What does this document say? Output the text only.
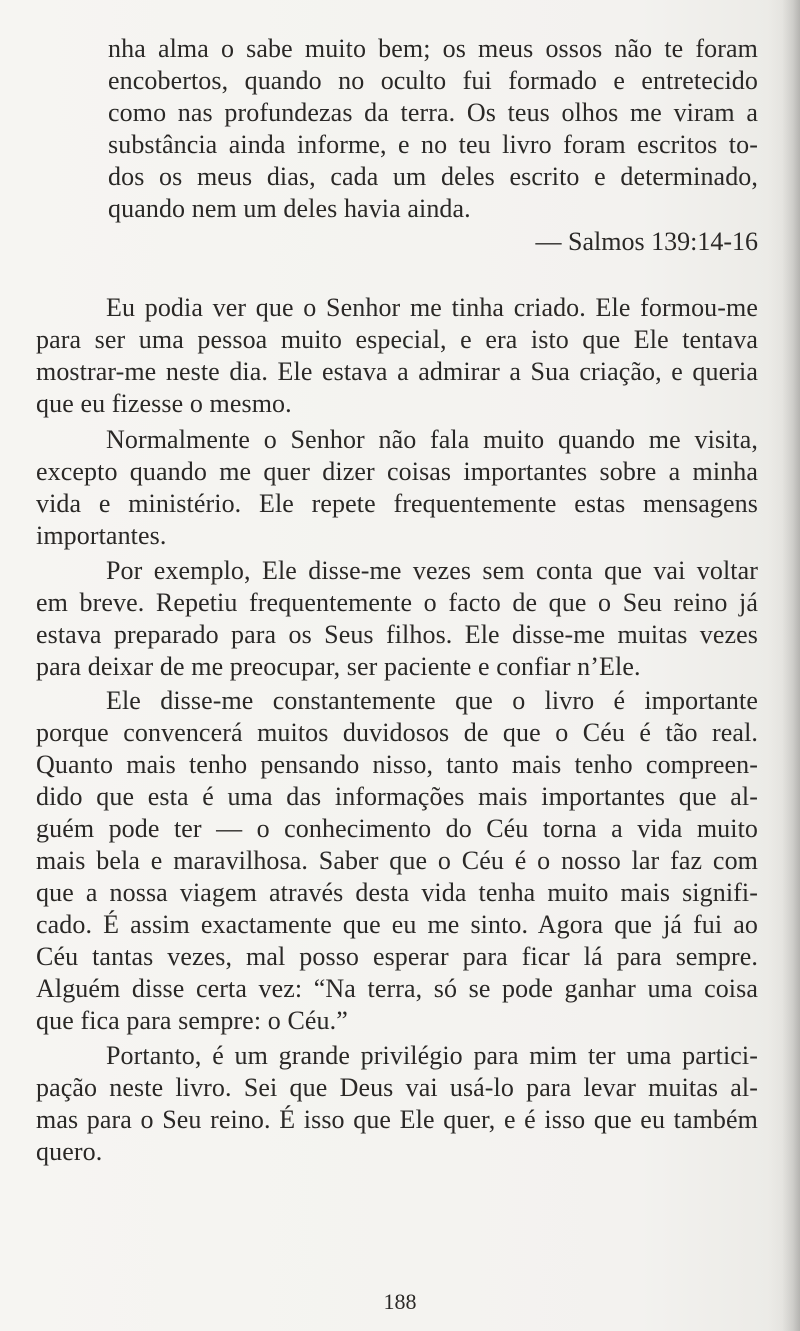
nha alma o sabe muito bem; os meus ossos não te foram
encobertos, quando no oculto fui formado e entretecido
como nas profundezas da terra. Os teus olhos me viram a
substância ainda informe, e no teu livro foram escritos to-
dos os meus dias, cada um deles escrito e determinado,
quando nem um deles havia ainda.
— Salmos 139:14-16
Eu podia ver que o Senhor me tinha criado. Ele formou-me
para ser uma pessoa muito especial, e era isto que Ele tentava
mostrar-me neste dia. Ele estava a admirar a Sua criação, e queria
que eu fizesse o mesmo.
Normalmente o Senhor não fala muito quando me visita,
excepto quando me quer dizer coisas importantes sobre a minha
vida e ministério. Ele repete frequentemente estas mensagens
importantes.
Por exemplo, Ele disse-me vezes sem conta que vai voltar
em breve. Repetiu frequentemente o facto de que o Seu reino já
estava preparado para os Seus filhos. Ele disse-me muitas vezes
para deixar de me preocupar, ser paciente e confiar n’Ele.
Ele disse-me constantemente que o livro é importante
porque convencerá muitos duvidosos de que o Céu é tão real.
Quanto mais tenho pensando nisso, tanto mais tenho compreen-
dido que esta é uma das informações mais importantes que al-
guém pode ter — o conhecimento do Céu torna a vida muito
mais bela e maravilhosa. Saber que o Céu é o nosso lar faz com
que a nossa viagem através desta vida tenha muito mais signifi-
cado. É assim exactamente que eu me sinto. Agora que já fui ao
Céu tantas vezes, mal posso esperar para ficar lá para sempre.
Alguém disse certa vez: “Na terra, só se pode ganhar uma coisa
que fica para sempre: o Céu.”
Portanto, é um grande privilégio para mim ter uma partici-
pação neste livro. Sei que Deus vai usá-lo para levar muitas al-
mas para o Seu reino. É isso que Ele quer, e é isso que eu também
quero.
188
